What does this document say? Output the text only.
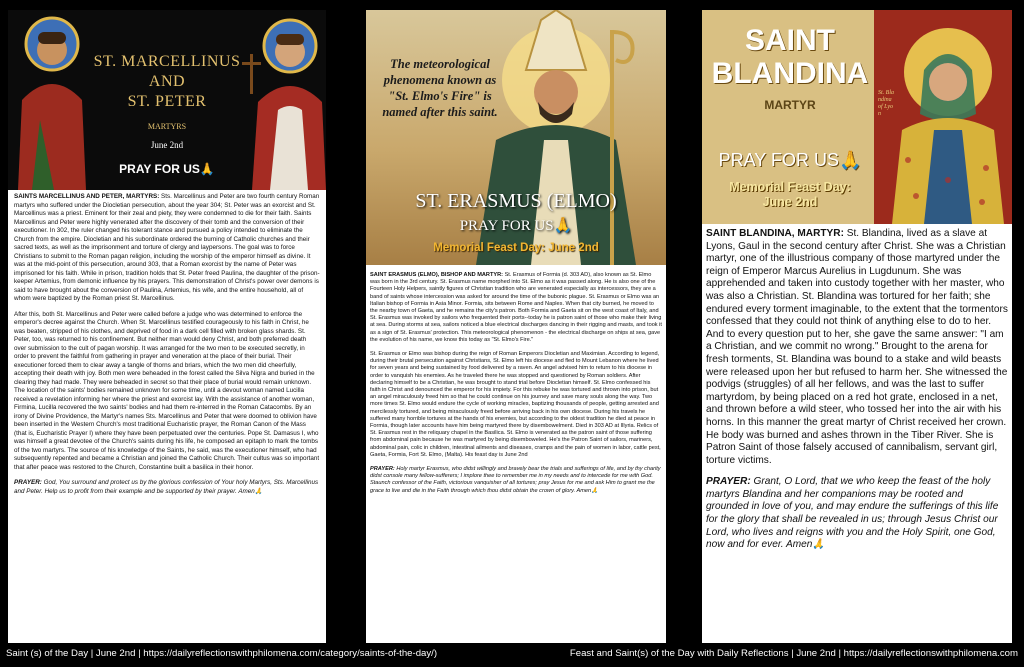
ST. MARCELLINUS
AND
ST. PETER
MARTYRS
June 2nd
PRAY FOR US🙏

SAINTS MARCELLINUS AND PETER, MARTYRS: Sts. Marcellinus and Peter are two fourth century Roman martyrs who suffered under the Diocletian persecution, about the year 304; St. Peter was an exorcist and St. Marcellinus was a priest. Eminent for their zeal and piety, they were condemned to die for their faith. Saints Marcellinus and Peter were highly venerated after the discovery of their tomb and the conversion of their executioner. In 302, the ruler changed his tolerant stance and pursued a policy intended to eliminate the Church from the empire. Diocletian and his subordinate ordered the burning of Catholic churches and their sacred texts, as well as the imprisonment and torture of clergy and laypersons. The goal was to force Christians to submit to the Roman pagan religion, including the worship of the emperor himself as divine. It was at the mid-point of this persecution, around 303, that a Roman exorcist by the name of Peter was imprisoned for his faith. While in prison, tradition holds that St. Peter freed Paulina, the daughter of the prison-keeper Artemius, from demonic influence by his prayers. This demonstration of Christ's power over demons is said to have brought about the conversion of Paulina, Artemius, his wife, and the entire household, all of whom were baptized by the Roman priest St. Marcellinus.

After this, both St. Marcellinus and Peter were called before a judge who was determined to enforce the emperor's decree against the Church. When St. Marcellinus testified courageously to his faith in Christ, he was beaten, stripped of his clothes, and deprived of food in a dark cell filled with broken glass shards. St. Peter, too, was returned to his confinement. But neither man would deny Christ, and both preferred death over submission to the cult of pagan worship. It was arranged for the two men to be executed secretly, in order to prevent the faithful from gathering in prayer and veneration at the place of their burial. Their executioner forced them to clear away a tangle of thorns and briars, which the two men did cheerfully, accepting their death with joy. Both men were beheaded in the forest called the Silva Nigra and buried in the clearing they had made. They were beheaded in secret so that their place of burial would remain unknown. The location of the saints' bodies remained unknown for some time, until a devout woman named Lucilla received a revelation informing her where the priest and exorcist lay. With the assistance of another woman, Firmina, Lucilla recovered the two saints' bodies and had them re-interred in the Roman Catacombs. By an irony of Divine Providence, the Martyr's names Sts. Marcellinus and Peter that were doomed to oblivion have been inserted in the Western Church's most traditional Eucharistic prayer, the Roman Canon of the Mass (that is, Eucharistic Prayer I) where they have been perpetuated over the centuries. Pope St. Damasus I, who was himself a great devotee of the Church's saints during his life, he composed an epitaph to mark the tombs of the two martyrs. The source of his knowledge of the Saints, he said, was the executioner himself, who had subsequently repented and became a Christian and joined the Catholic Church. Their cultus was so important that after peace was restored to the Church, Constantine built a basilica in their honor.

PRAYER: God, You surround and protect us by the glorious confession of Your holy Martyrs, Sts. Marcellinus and Peter. Help us to profit from their example and be supported by their prayer. Amen🙏

The meteorological phenomena known as "St. Elmo's Fire" is named after this saint.
ST. ERASMUS (ELMO)
PRAY FOR US🙏
Memorial Feast Day: June 2nd

SAINT ERASMUS (ELMO), BISHOP AND MARTYR: St. Erasmus of Formia (d. 303 AD), also known as St. Elmo was born in the 3rd century. St. Erasmus name morphed into St. Elmo as it was passed along. He is also one of the Fourteen Holy Helpers, saintly figures of Christian tradition who are venerated especially as intercessors, they are a band of saints whose intercession was asked for around the time of the bubonic plague. St. Erasmus or Elmo was an Italian bishop of Formia in Asia Minor. Formia, sits between Rome and Naples. When that city burned, he moved to the nearby town of Gaeta, and he remains the city's patron. Both Formia and Gaeta sit on the west coast of Italy, and St. Erasmus was invoked by sailors who frequented their ports--today he is patron saint of those who make their living at sea. During storms at sea, sailors noticed a blue electrical discharges dancing in their rigging and masts, and took it as a sign of St. Erasmus' protection. This meteorological phenomenon - the electrical discharge on ships at sea, gave the evolution of his name, we know this today as "St. Elmo's Fire."

St. Erasmus or Elmo was bishop during the reign of Roman Emperors Diocletian and Maximian. According to legend, during their brutal persecution against Christians, St. Elmo left his diocese and fled to Mount Lebanon where he lived for seven years and being sustained by food delivered by a raven. An angel advised him to return to his diocese in order to vanquish his enemies. As he traveled there he was stopped and questioned by Roman soldiers. After declaring himself to be a Christian, he was brought to stand trial before Diocletian himself. St. Elmo confessed his faith in Christ and denounced the emperor for his impiety. For this rebuke he was tortured and thrown into prison, but an angel miraculously freed him so that he could continue on his journey and save many souls along the way. Two more times St. Elmo would endure the cycle of working miracles, baptizing thousands of people, getting arrested and mercilessly tortured, and being miraculously freed before arriving back in his own diocese. During his travels he suffered many horrible tortures at the hands of his enemies, but according to the oldest tradition he died at peace in Formia, though later accounts have him being martyred there by disembowelment. Died in 303 AD at Illyria. Relics of St. Erasmus rest in the reliquary chapel in the Basilica. St. Elmo is venerated as the patron saint of those suffering from abdominal pain because he was martyred by being disemboweled. He's the Patron Saint of sailors, mariners, abdominal pain, colic in children, intestinal ailments and diseases, cramps and the pain of women in labor, cattle pest, Gaeta, Formia, Fort St. Elmo, (Malta). His feast day is June 2nd

PRAYER: Holy martyr Erasmus, who didst willingly and bravely bear the trials and sufferings of life, and by thy charity didst console many fellow-sufferers; I implore thee to remember me in my needs and to intercede for me with God. Staunch confessor of the Faith, victorious vanquisher of all tortures; pray Jesus for me and ask Him to grant me the grace to live and die in the Faith through which thou didst obtain the crown of glory. Amen🙏

St. Blandina of Lyon
SAINT
BLANDINA
MARTYR
PRAY FOR US🙏
Memorial Feast Day:
June 2nd

SAINT BLANDINA, MARTYR: St. Blandina, lived as a slave at Lyons, Gaul in the second century after Christ. She was a Christian martyr, one of the illustrious company of those martyred under the reign of Emperor Marcus Aurelius in Lugdunum. She was apprehended and taken into custody together with her master, who was also a Christian. St. Blandina was tortured for her faith; she endured every torment imaginable, to the extent that the tormentors confessed that they could not think of anything else to do to her. And to every question put to her, she gave the same answer: "I am a Christian, and we commit no wrong." Brought to the arena for fresh torments, St. Blandina was bound to a stake and wild beasts were released upon her but refused to harm her. She witnessed the podvigs (struggles) of all her fellows, and was the last to suffer martyrdom, by being placed on a red hot grate, enclosed in a net, and thrown before a wild steer, who tossed her into the air with his horns. In this manner the great martyr of Christ received her crown. He body was burned and ashes thrown in the Tiber River. She is Patron Saint of those falsely accused of cannibalism, servant girl, torture victims.

PRAYER: Grant, O Lord, that we who keep the feast of the holy martyrs Blandina and her companions may be rooted and grounded in love of you, and may endure the sufferings of this life for the glory that shall be revealed in us; through Jesus Christ our Lord, who lives and reigns with you and the Holy Spirit, one God, now and for ever. Amen🙏

Saint (s) of the Day | June 2nd | https://dailyreflectionswithphilomena.com/category/saints-of-the-day/)	Feast and Saint(s) of the Day with Daily Reflections | June 2nd | https://dailyreflectionswithphilomena.com
